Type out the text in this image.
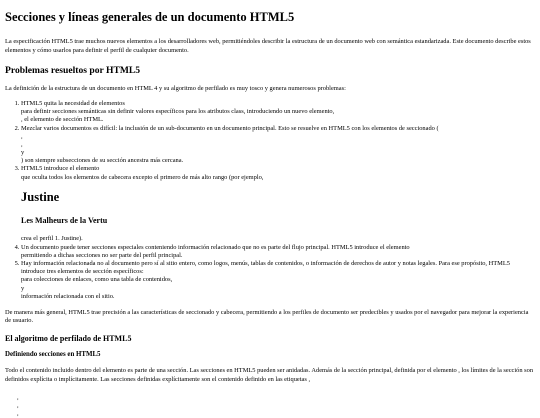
Secciones y líneas generales de un documento HTML5

La especificación HTML5 trae muchos nuevos elementos a los desarrolladores web, permitiéndoles describir la estructura de un documento web con semántica estandarizada. Este documento describe estos elementos y cómo usarlos para definir el perfil de cualquier documento.

Problemas resueltos por HTML5

La definición de la estructura de un documento en HTML 4 y su algoritmo de perfilado es muy tosco y genera numerosos problemas:

1. HTML5 quita la necesidad de elementos
para definir secciones semánticas sin definir valores específicos para los atributos class, introduciendo un nuevo elemento,
, el elemento de sección HTML.
2. Mezclar varios documentos es difícil: la inclusión de un sub-documento en un documento principal. Esto se resuelve en HTML5 con los elementos de seccionado (
,
,
y
) son siempre subsecciones de su sección ancestra más cercana.
3. HTML5 introduce el elemento
que oculta todos los elementos de cabecera excepto el primero de más alto rango (por ejemplo,
Justine
Les Malheurs de la Vertu
crea el perfil 1. Justine).
4. Un documento puede tener secciones especiales conteniendo información relacionado que no es parte del flujo principal. HTML5 introduce el elemento
permitiendo a dichas secciones no ser parte del perfil principal.
5. Hay información relacionada no al documento pero sí al sitio entero, como logos, menús, tablas de contenidos, o información de derechos de autor y notas legales. Para ese propósito, HTML5 introduce tres elementos de sección específicos:
para colecciones de enlaces, como una tabla de contenidos,
y
información relacionada con el sitio.

De manera más general, HTML5 trae precisión a las características de seccionado y cabecera, permitiendo a los perfiles de documento ser predecibles y usados por el navegador para mejorar la experiencia de usuario.

El algoritmo de perfilado de HTML5
Definiendo secciones en HTML5

Todo el contenido incluido dentro del elemento es parte de una sección. Las secciones en HTML5 pueden ser anidadas. Además de la sección principal, definida por el elemento , los límites de la sección son definidos explícita o implícitamente. Las secciones definidas explícitamente son el contenido definido en las etiquetas ,

,
,
,
